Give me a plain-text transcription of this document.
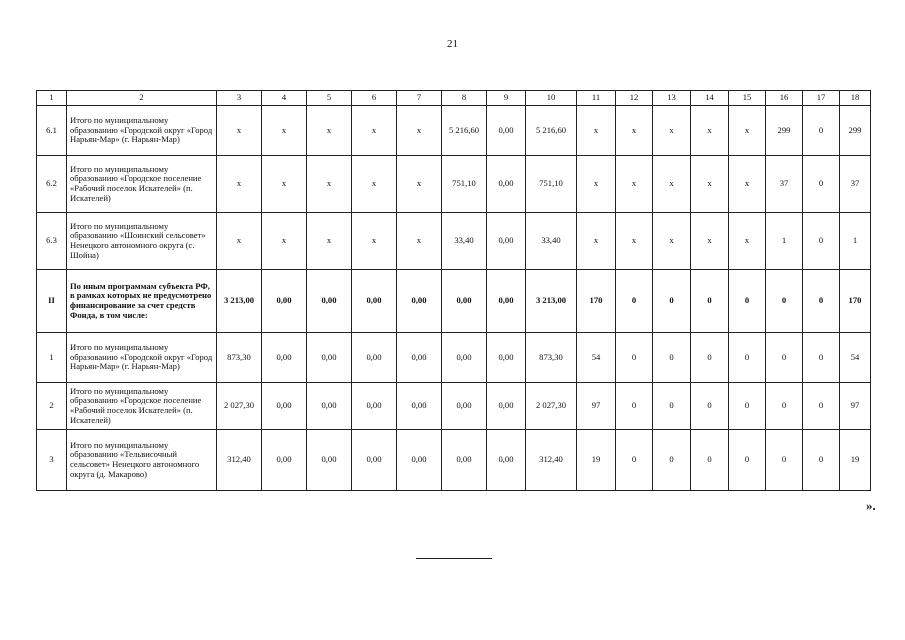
21
1	2	3	4	5	6	7	8	9	10	11	12	13	14	15	16	17	18
6.1	Итого по муниципальному образованию «Городской округ «Город Нарьян-Мар» (г. Нарьян-Мар)	х	х	х	х	х	5 216,60	0,00	5 216,60	х	х	х	х	х	299	0	299
6.2	Итого по муниципальному образованию «Городское поселение «Рабочий поселок Искателей» (п. Искателей)	х	х	х	х	х	751,10	0,00	751,10	х	х	х	х	х	37	0	37
6.3	Итого по муниципальному образованию «Шоинский сельсовет» Ненецкого автономного округа (с. Шойна)	х	х	х	х	х	33,40	0,00	33,40	х	х	х	х	х	1	0	1
II	По иным программам субъекта РФ, в рамках которых не предусмотрено финансирование за счет средств Фонда, в том числе:	3 213,00	0,00	0,00	0,00	0,00	0,00	0,00	3 213,00	170	0	0	0	0	0	0	170
1	Итого по муниципальному образованию «Городской округ «Город Нарьян-Мар» (г. Нарьян-Мар)	873,30	0,00	0,00	0,00	0,00	0,00	0,00	873,30	54	0	0	0	0	0	0	54
2	Итого по муниципальному образованию «Городское поселение «Рабочий поселок Искателей» (п. Искателей)	2 027,30	0,00	0,00	0,00	0,00	0,00	0,00	2 027,30	97	0	0	0	0	0	0	97
3	Итого по муниципальному образованию «Тельвисочный сельсовет» Ненецкого автономного округа (д. Макарово)	312,40	0,00	0,00	0,00	0,00	0,00	0,00	312,40	19	0	0	0	0	0	0	19
».
